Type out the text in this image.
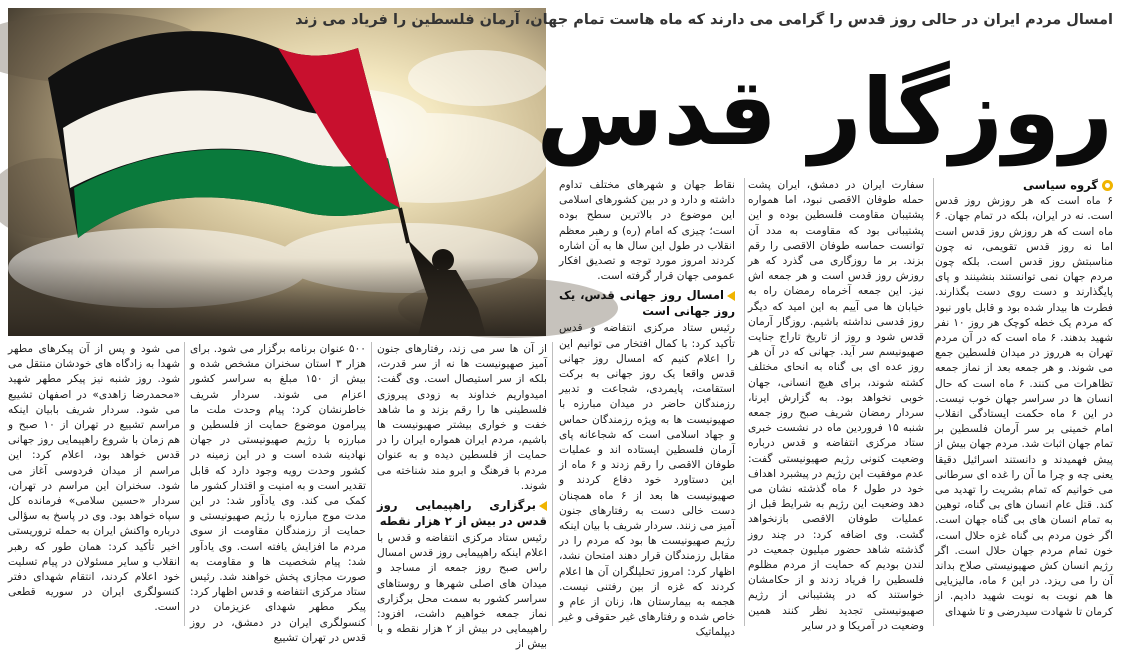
امسال مردم ایران در حالی روز قدس را گرامی می دارند که ماه هاست تمام جهان، آرمان فلسطین را فریاد می زند
روزگار قدس
گروه سیاسی

۶ ماه است که هر روزش روز قدس است. نه در ایران، بلکه در تمام جهان. ۶ ماه است که هر روزش روز قدس است اما نه روز قدس تقویمی، نه چون مناسبتش روز قدس است. بلکه چون مردم جهان نمی توانستند بنشینند و پای پایگذارند و دست روی دست بگذارند. فطرت ها بیدار شده بود و قابل باور نبود که مردم یک خطه کوچک هر روز ۱۰ نفر شهید بدهند. ۶ ماه است که در آن مردم تهران به هرروز در میدان فلسطین جمع می شوند. و هر جمعه بعد از نماز جمعه تظاهرات می کنند. ۶ ماه است که حال انسان ها در سراسر جهان خوب نیست. در این ۶ ماه حکمت ایستادگی انقلاب امام خمینی بر سر آرمان فلسطین بر تمام جهان اثبات شد. مردم جهان بیش از پیش فهمیدند و دانستند اسرائیل دقیقا یعنی چه و چرا ما آن را غده ای سرطانی می خوانیم که تمام بشریت را تهدید می کند. قتل عام انسان های بی گناه، توهین به تمام انسان های بی گناه جهان است. اگر خون مردم بی گناه غزه حلال است، خون تمام مردم جهان حلال است. اگر رژیم انسان کش صهیونیستی صلاح بداند آن را می ریزد. در این ۶ ماه، مالیزیایی ها هم نوبت به نوبت شهید دادیم. از کرمان تا شهادت سیدرضی و تا شهدای

سفارت ایران در دمشق، ایران پشت حمله طوفان الاقصی نبود، اما همواره پشتیبان مقاومت فلسطین بوده و این پشتیبانی بود که مقاومت به مدد آن توانست حماسه طوفان الاقصی را رقم بزند. بر ما روزگاری می گذرد که هر روزش روز قدس است و هر جمعه اش نیز. این جمعه آخرماه رمضان راه به خیابان ها می آییم به این امید که دیگر روز قدسی نداشته باشیم. روزگار آرمان قدس شود و روز از تاریخ تاراج جنایت صهیونیسم سر آید. جهانی که در آن هر روز عده ای بی گناه به انحای مختلف کشته شوند، برای هیچ انسانی، جهان خوبی نخواهد بود. به گزارش ایرنا، سردار رمضان شریف صبح روز جمعه شنبه ۱۵ فروردین ماه در نشست خبری ستاد مرکزی انتفاضه و قدس درباره وضعیت کنونی رژیم صهیونیستی گفت: عدم موفقیت این رژیم در پیشبرد اهداف خود در طول ۶ ماه گذشته نشان می دهد وضعیت این رژیم به شرایط قبل از عملیات طوفان الاقصی بازنخواهد گشت. وی اضافه کرد: در چند روز گذشته شاهد حضور میلیون جمعیت در لندن بودیم که حمایت از مردم مظلوم فلسطین را فریاد زدند و از حکامشان خواستند که در پشتیبانی از رژیم صهیونیستی تجدید نظر کنند همین وضعیت در آمریکا و در سایر

نقاط جهان و شهرهای مختلف تداوم داشته و دارد و در بین کشورهای اسلامی این موضوع در بالاترین سطح بوده است؛ چیزی که امام (ره) و رهبر معظم انقلاب در طول این سال ها به آن اشاره کردند امروز مورد توجه و تصدیق افکار عمومی جهان قرار گرفته است.

امسال روز جهانی قدس، یک روز جهانی است

رئیس ستاد مرکزی انتفاضه و قدس تأکید کرد: با کمال افتخار می توانیم این را اعلام کنیم که امسال روز جهانی قدس واقعا یک روز جهانی به برکت استقامت، پایمردی، شجاعت و تدبیر رزمندگان حاضر در میدان مبارزه با صهیونیست ها به ویژه رزمندگان حماس و جهاد اسلامی است که شجاعانه پای آرمان فلسطین ایستاده اند و عملیات طوفان الاقصی را رقم زدند و ۶ ماه از این دستاورد خود دفاع کردند و صهیونیست ها بعد از ۶ ماه همچنان دست خالی دست به رفتارهای جنون آمیز می زنند. سردار شریف با بیان اینکه رژیم صهیونیست ها بود که مردم را در مقابل رزمندگان قرار دهند امتحان نشد، اظهار کرد: امروز تحلیلگران آن ها اعلام کردند که غزه از بین رفتنی نیست. هجمه به بیمارستان ها، زنان از عام و خاص شده و رفتارهای غیر حقوقی و غیر دیپلماتیک

از آن ها سر می زند، رفتارهای جنون آمیز صهیونیست ها نه از سر قدرت، بلکه از سر استیصال است. وی گفت: امیدواریم خداوند به زودی پیروزی فلسطینی ها را رقم بزند و ما شاهد خفت و خواری بیشتر صهیونیست ها باشیم، مردم ایران همواره ایران را در حمایت از فلسطین دیده و به عنوان مردم با فرهنگ و ابرو مند شناخته می شوند.

برگزاری راهپیمایی روز قدس در بیش از ۲ هزار نقطه

رئیس ستاد مرکزی انتفاضه و قدس با اعلام اینکه راهپیمایی روز قدس امسال راس صبح روز جمعه از مساجد و میدان های اصلی شهرها و روستاهای سراسر کشور به سمت محل برگزاری نماز جمعه خواهیم داشت، افزود: راهپیمایی در بیش از ۲ هزار نقطه و با بیش از

۵۰۰ عنوان برنامه برگزار می شود. برای هزار ۳ استان سخنران مشخص شده و بیش از ۱۵۰ مبلغ به سراسر کشور اعزام می شوند. سردار شریف خاطرنشان کرد: پیام وحدت ملت ما پیرامون موضوع حمایت از فلسطین و مبارزه با رژیم صهیونیستی در جهان نهادینه شده است و در این زمینه در کشور وحدت رویه وجود دارد که قابل تقدیر است و به امنیت و اقتدار کشور ما کمک می کند. وی یادآور شد: در این مدت موج مبارزه با رژیم صهیونیستی و حمایت از رزمندگان مقاومت از سوی مردم ما افزایش یافته است. وی یادآور شد: پیام شخصیت ها و مقاومت به صورت مجازی پخش خواهند شد. رئیس ستاد مرکزی انتفاضه و قدس اظهار کرد: پیکر مطهر شهدای عزیزمان در کنسولگری ایران در دمشق، در روز قدس در تهران تشییع

می شود و پس از آن پیکرهای مطهر شهدا به زادگاه های خودشان منتقل می شود. روز شنبه نیز پیکر مطهر شهید «محمدرضا زاهدی» در اصفهان تشییع می شود. سردار شریف بابیان اینکه مراسم تشییع در تهران از ۱۰ صبح و هم زمان با شروع راهپیمایی روز جهانی قدس خواهد بود، اعلام کرد: این مراسم از میدان فردوسی آغاز می شود. سخنران این مراسم در تهران، سردار «حسین سلامی» فرمانده کل سپاه خواهد بود. وی در پاسخ به سؤالی درباره واکنش ایران به حمله تروریستی اخیر تأکید کرد: همان طور که رهبر انقلاب و سایر مسئولان در پیام تسلیت خود اعلام کردند، انتقام شهدای دفتر کنسولگری ایران در سوریه قطعی است.
